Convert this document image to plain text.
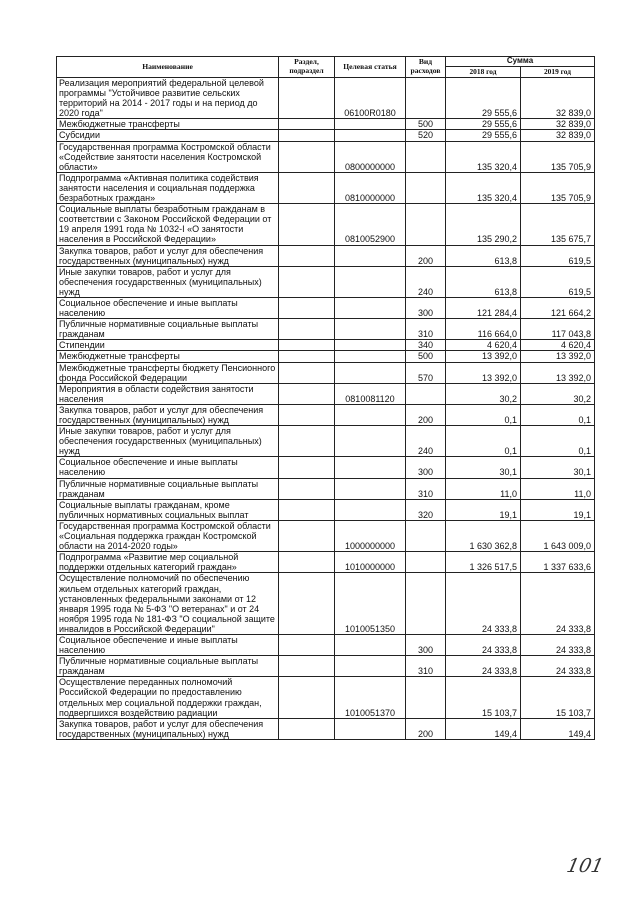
Наименование	Раздел, подраздел	Целевая статья	Вид расходов	Сумма	
				2018 год	2019 год
Реализация мероприятий федеральной целевой программы "Устойчивое развитие сельских территорий на 2014 - 2017 годы и на период до 2020 года"		06100R0180		29 555,6	32 839,0
Межбюджетные трансферты			500	29 555,6	32 839,0
Субсидии			520	29 555,6	32 839,0
Государственная программа Костромской области «Содействие занятости населения Костромской области»		0800000000		135 320,4	135 705,9
Подпрограмма «Активная политика содействия занятости населения и социальная поддержка безработных граждан»		0810000000		135 320,4	135 705,9
Социальные выплаты безработным гражданам в соответствии с Законом Российской Федерации от 19 апреля 1991 года № 1032-I «О занятости населения в Российской Федерации»		0810052900		135 290,2	135 675,7
Закупка товаров, работ и услуг для обеспечения государственных (муниципальных) нужд			200	613,8	619,5
Иные закупки товаров, работ и услуг для обеспечения государственных (муниципальных) нужд			240	613,8	619,5
Социальное обеспечение и иные выплаты населению			300	121 284,4	121 664,2
Публичные нормативные социальные выплаты гражданам			310	116 664,0	117 043,8
Стипендии			340	4 620,4	4 620,4
Межбюджетные трансферты			500	13 392,0	13 392,0
Межбюджетные трансферты бюджету Пенсионного фонда Российской Федерации			570	13 392,0	13 392,0
Мероприятия в области содействия занятости населения		0810081120		30,2	30,2
Закупка товаров, работ и услуг для обеспечения государственных (муниципальных) нужд			200	0,1	0,1
Иные закупки товаров, работ и услуг для обеспечения государственных (муниципальных) нужд			240	0,1	0,1
Социальное обеспечение и иные выплаты населению			300	30,1	30,1
Публичные нормативные социальные выплаты гражданам			310	11,0	11,0
Социальные выплаты гражданам, кроме публичных нормативных социальных выплат			320	19,1	19,1
Государственная программа Костромской области «Социальная поддержка граждан Костромской области на 2014-2020 годы»		1000000000		1 630 362,8	1 643 009,0
Подпрограмма «Развитие мер социальной поддержки отдельных категорий граждан»		1010000000		1 326 517,5	1 337 633,6
Осуществление полномочий по обеспечению жильем отдельных категорий граждан, установленных федеральными законами от 12 января 1995 года № 5-ФЗ "О ветеранах" и от 24 ноября 1995 года № 181-ФЗ "О социальной защите инвалидов в Российской Федерации"		1010051350		24 333,8	24 333,8
Социальное обеспечение и иные выплаты населению			300	24 333,8	24 333,8
Публичные нормативные социальные выплаты гражданам			310	24 333,8	24 333,8
Осуществление переданных полномочий Российской Федерации по предоставлению отдельных мер социальной поддержки граждан, подвергшихся воздействию радиации		1010051370		15 103,7	15 103,7
Закупка товаров, работ и услуг для обеспечения государственных (муниципальных) нужд			200	149,4	149,4
101
